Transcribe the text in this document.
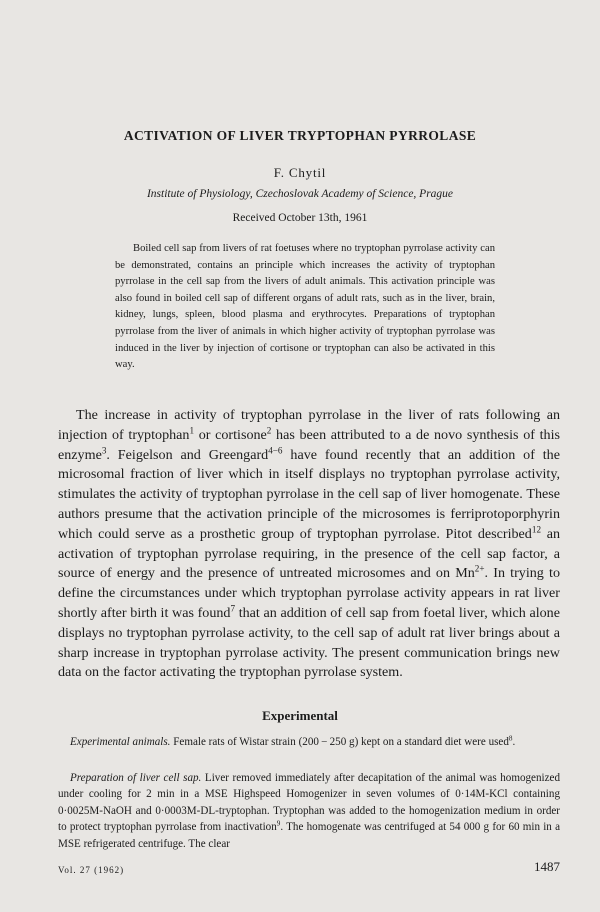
ACTIVATION OF LIVER TRYPTOPHAN PYRROLASE
F. Chytil
Institute of Physiology, Czechoslovak Academy of Science, Prague
Received October 13th, 1961
Boiled cell sap from livers of rat foetuses where no tryptophan pyrrolase activity can be demonstrated, contains an principle which increases the activity of tryptophan pyrrolase in the cell sap from the livers of adult animals. This activation principle was also found in boiled cell sap of different organs of adult rats, such as in the liver, brain, kidney, lungs, spleen, blood plasma and erythrocytes. Preparations of tryptophan pyrrolase from the liver of animals in which higher activity of tryptophan pyrrolase was induced in the liver by injection of cortisone or tryptophan can also be activated in this way.
The increase in activity of tryptophan pyrrolase in the liver of rats following an injection of tryptophan$^1$ or cortisone$^2$ has been attributed to a de novo synthesis of this enzyme$^3$. Feigelson and Greengard$^{4-6}$ have found recently that an addition of the microsomal fraction of liver which in itself displays no tryptophan pyrrolase activity, stimulates the activity of tryptophan pyrrolase in the cell sap of liver homogenate. These authors presume that the activation principle of the microsomes is ferriprotoporphyrin which could serve as a prosthetic group of tryptophan pyrrolase. Pitot described$^{12}$ an activation of tryptophan pyrrolase requiring, in the presence of the cell sap factor, a source of energy and the presence of untreated microsomes and on $Mn^{2+}$. In trying to define the circumstances under which tryptophan pyrrolase activity appears in rat liver shortly after birth it was found$^7$ that an addition of cell sap from foetal liver, which alone displays no tryptophan pyrrolase activity, to the cell sap of adult rat liver brings about a sharp increase in tryptophan pyrrolase activity. The present communication brings new data on the factor activating the tryptophan pyrrolase system.
Experimental
Experimental animals. Female rats of Wistar strain (200 − 250 g) kept on a standard diet were used$^8$.
Preparation of liver cell sap. Liver removed immediately after decapitation of the animal was homogenized under cooling for 2 min in a MSE Highspeed Homogenizer in seven volumes of 0·14M-KCl containing 0·0025M-NaOH and 0·0003M-DL-tryptophan. Tryptophan was added to the homogenization medium in order to protect tryptophan pyrrolase from inactivation$^9$. The homogenate was centrifuged at 54 000 g for 60 min in a MSE refrigerated centrifuge. The clear
Vol. 27 (1962)	1487
